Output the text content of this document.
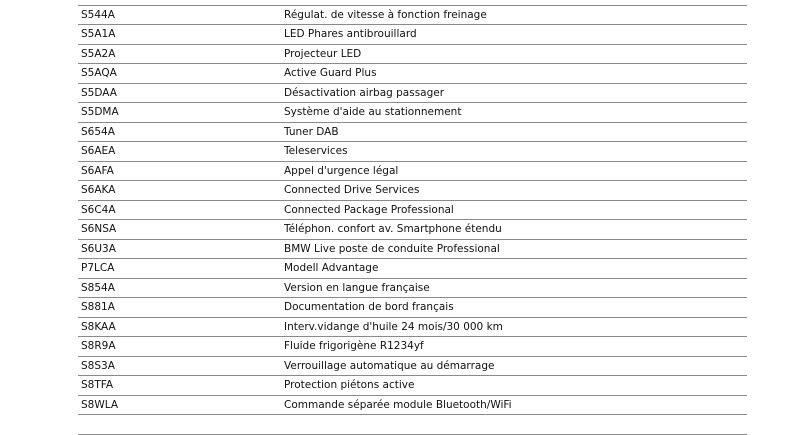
S544A	Régulat. de vitesse à fonction freinage
S5A1A	LED Phares antibrouillard
S5A2A	Projecteur LED
S5AQA	Active Guard Plus
S5DAA	Désactivation airbag passager
S5DMA	Système d'aide au stationnement
S654A	Tuner DAB
S6AEA	Teleservices
S6AFA	Appel d'urgence légal
S6AKA	Connected Drive Services
S6C4A	Connected Package Professional
S6NSA	Téléphon. confort av. Smartphone étendu
S6U3A	BMW Live poste de conduite Professional
P7LCA	Modell Advantage
S854A	Version en langue française
S881A	Documentation de bord français
S8KAA	Interv.vidange d'huile 24 mois/30 000 km
S8R9A	Fluide frigorigène R1234yf
S8S3A	Verrouillage automatique au démarrage
S8TFA	Protection piétons active
S8WLA	Commande séparée module Bluetooth/WiFi
